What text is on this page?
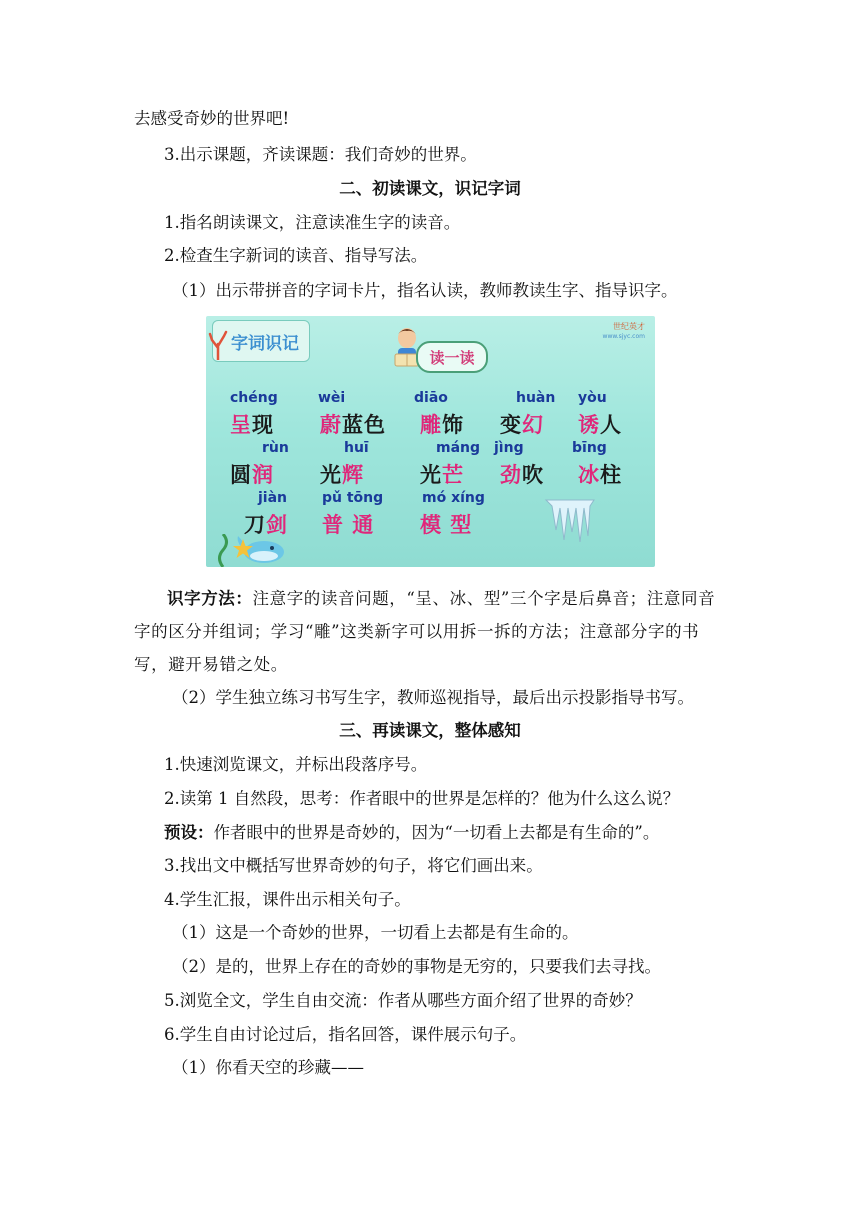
去感受奇妙的世界吧!
3.出示课题，齐读课题：我们奇妙的世界。
二、初读课文，识记字词
1.指名朗读课文，注意读准生字的读音。
2.检查生字新词的读音、指导写法。
（1）出示带拼音的字词卡片，指名认读，教师教读生字、指导识字。
字词识记
世纪英才
www.sjyc.com
读一读
chéng
呈现
wèi
蔚蓝色
diāo
雕饰
huàn
变幻
yòu
诱人
rùn
圆润
huī
光辉
máng
光芒
jìng
劲吹
bīng
冰柱
jiàn
刀剑
pǔ tōng
普 通
mó xíng
模 型
识字方法：注意字的读音问题，“呈、冰、型”三个字是后鼻音；注意同音字的区分并组词；学习“雕”这类新字可以用拆一拆的方法；注意部分字的书写，避开易错之处。
（2）学生独立练习书写生字，教师巡视指导，最后出示投影指导书写。
三、再读课文，整体感知
1.快速浏览课文，并标出段落序号。
2.读第 1 自然段，思考：作者眼中的世界是怎样的？他为什么这么说？
预设：作者眼中的世界是奇妙的，因为“一切看上去都是有生命的”。
3.找出文中概括写世界奇妙的句子，将它们画出来。
4.学生汇报，课件出示相关句子。
（1）这是一个奇妙的世界，一切看上去都是有生命的。
（2）是的，世界上存在的奇妙的事物是无穷的，只要我们去寻找。
5.浏览全文，学生自由交流：作者从哪些方面介绍了世界的奇妙？
6.学生自由讨论过后，指名回答，课件展示句子。
（1）你看天空的珍藏——
